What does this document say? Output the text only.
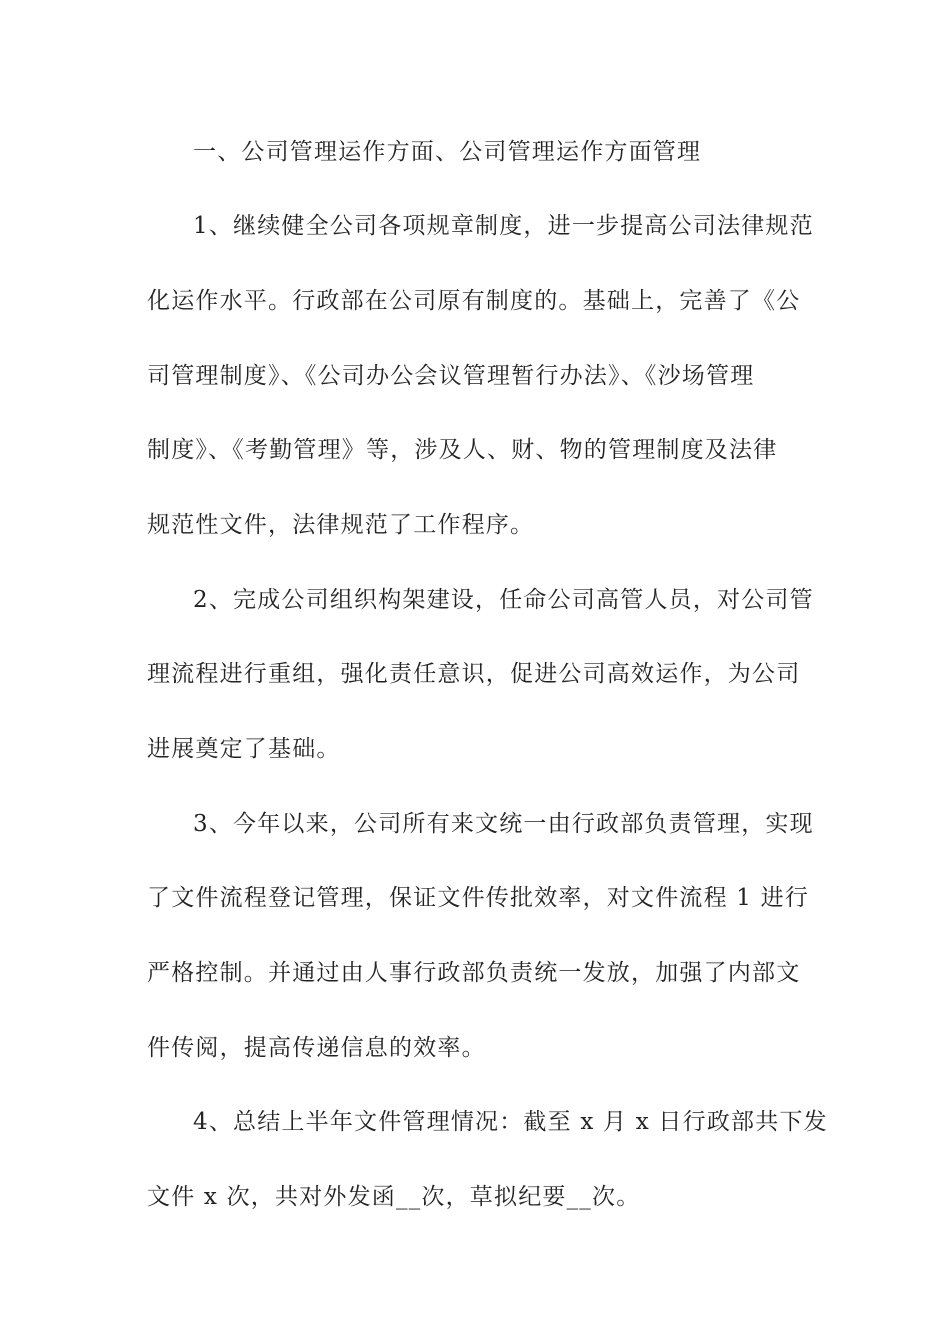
一、公司管理运作方面、公司管理运作方面管理
1、继续健全公司各项规章制度，进一步提高公司法律规范
化运作水平。行政部在公司原有制度的。基础上，完善了《公
司管理制度》、《公司办公会议管理暂行办法》、《沙场管理
制度》、《考勤管理》等，涉及人、财、物的管理制度及法律
规范性文件，法律规范了工作程序。
2、完成公司组织构架建设，任命公司高管人员，对公司管
理流程进行重组，强化责任意识，促进公司高效运作，为公司
进展奠定了基础。
3、今年以来，公司所有来文统一由行政部负责管理，实现
了文件流程登记管理，保证文件传批效率，对文件流程 1 进行
严格控制。并通过由人事行政部负责统一发放，加强了内部文
件传阅，提高传递信息的效率。
4、总结上半年文件管理情况：截至 x 月 x 日行政部共下发
文件 x 次，共对外发函__次，草拟纪要__次。
